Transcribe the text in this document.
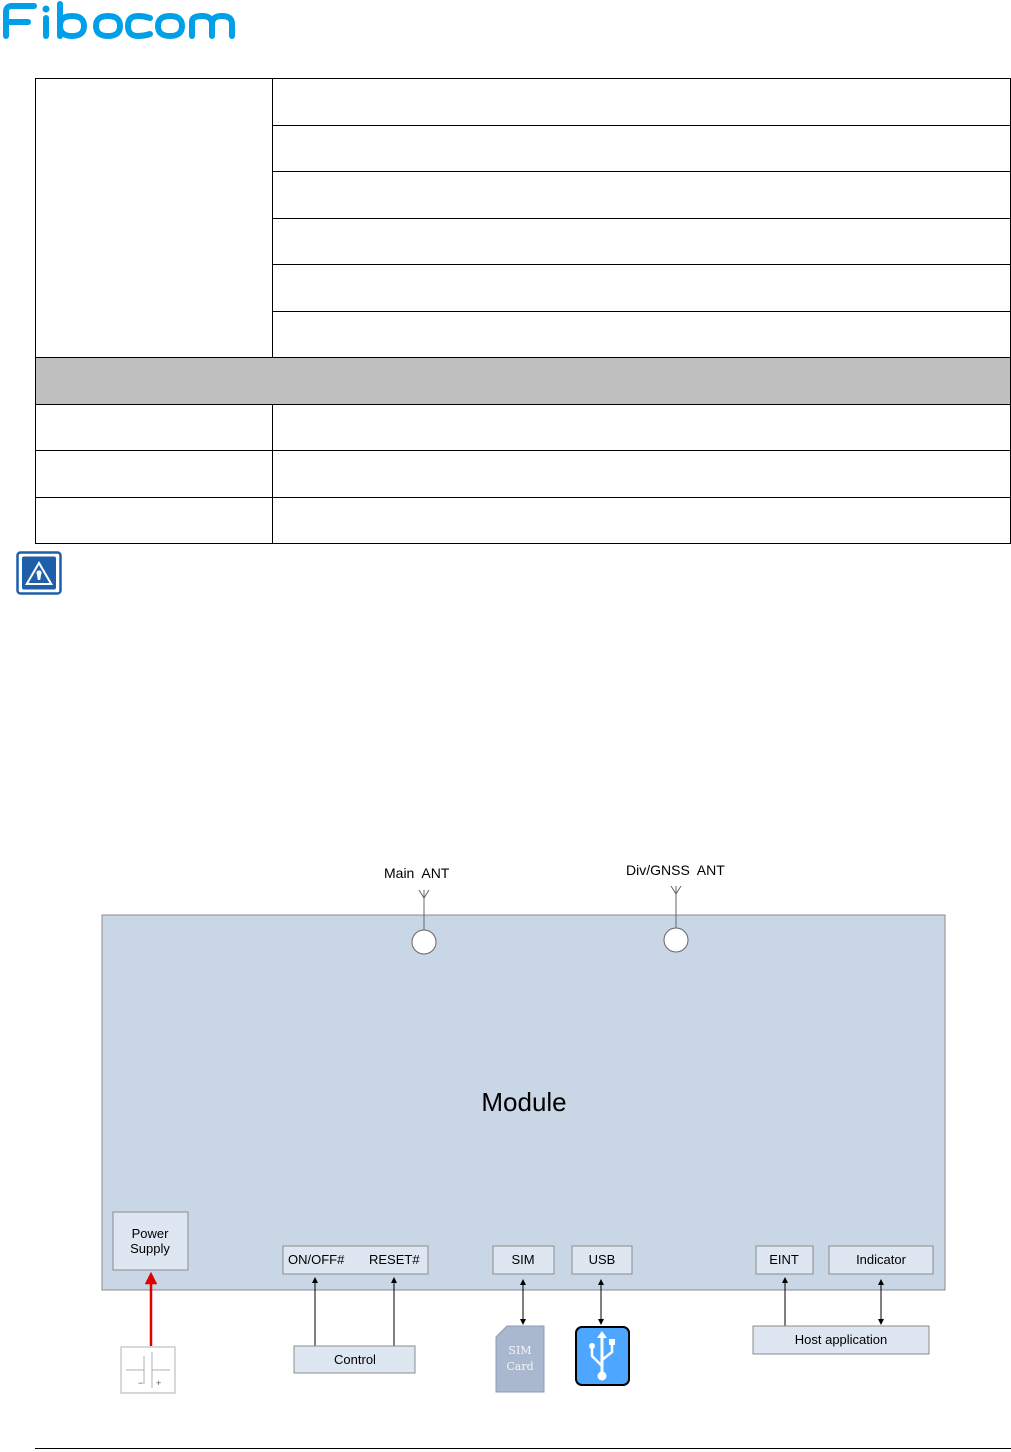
Module
Main  ANT	Div/GNSS  ANT
Power
Supply
− +
ON/OFF# RESET#
Control
SIM
SIM
Card
USB	EINT	Indicator
Host application
